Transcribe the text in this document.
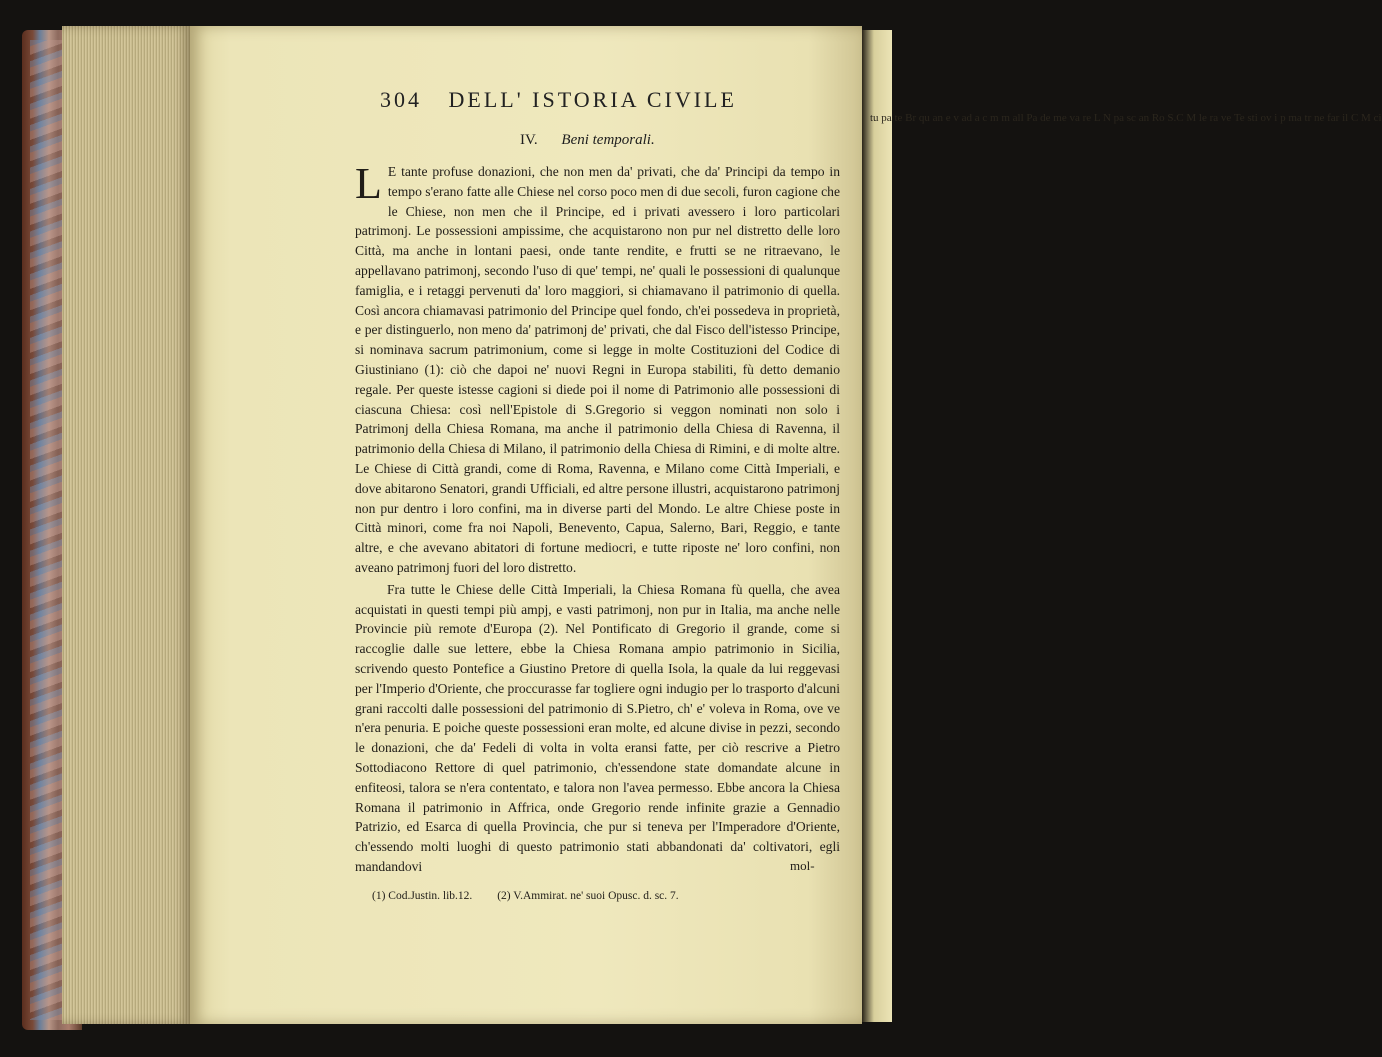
304 DELL' ISTORIA CIVILE
IV. Beni temporali.

L E tante profuse donazioni, che non men da' privati, che da' Principi da tempo in tempo s'erano fatte alle Chiese nel corso poco men di due secoli, furon cagione che le Chiese, non men che il Principe, ed i privati avessero i loro particolari patrimonj. Le possessioni ampissime, che acquistarono non pur nel distretto delle loro Città, ma anche in lontani paesi, onde tante rendite, e frutti se ne ritraevano, le appellavano patrimonj, secondo l'uso di que' tempi, ne' quali le possessioni di qualunque famiglia, e i retaggi pervenuti da' loro maggiori, si chiamavano il patrimonio di quella. Così ancora chiamavasi patrimonio del Principe quel fondo, ch'ei possedeva in proprietà, e per distinguerlo, non meno da' patrimonj de' privati, che dal Fisco dell'istesso Principe, si nominava sacrum patrimonium, come si legge in molte Costituzioni del Codice di Giustiniano (1): ciò che dapoi ne' nuovi Regni in Europa stabiliti, fù detto demanio regale. Per queste istesse cagioni si diede poi il nome di Patrimonio alle possessioni di ciascuna Chiesa: così nell'Epistole di S.Gregorio si veggon nominati non solo i Patrimonj della Chiesa Romana, ma anche il patrimonio della Chiesa di Ravenna, il patrimonio della Chiesa di Milano, il patrimonio della Chiesa di Rimini, e di molte altre. Le Chiese di Città grandi, come di Roma, Ravenna, e Milano come Città Imperiali, e dove abitarono Senatori, grandi Ufficiali, ed altre persone illustri, acquistarono patrimonj non pur dentro i loro confini, ma in diverse parti del Mondo. Le altre Chiese poste in Città minori, come fra noi Napoli, Benevento, Capua, Salerno, Bari, Reggio, e tante altre, e che avevano abitatori di fortune mediocri, e tutte riposte ne' loro confini, non aveano patrimonj fuori del loro distretto.

Fra tutte le Chiese delle Città Imperiali, la Chiesa Romana fù quella, che avea acquistati in questi tempi più ampj, e vasti patrimonj, non pur in Italia, ma anche nelle Provincie più remote d'Europa (2). Nel Pontificato di Gregorio il grande, come si raccoglie dalle sue lettere, ebbe la Chiesa Romana ampio patrimonio in Sicilia, scrivendo questo Pontefice a Giustino Pretore di quella Isola, la quale da lui reggevasi per l'Imperio d'Oriente, che proccurasse far togliere ogni indugio per lo trasporto d'alcuni grani raccolti dalle possessioni del patrimonio di S.Pietro, ch' e' voleva in Roma, ove ve n'era penuria. E poiche queste possessioni eran molte, ed alcune divise in pezzi, secondo le donazioni, che da' Fedeli di volta in volta eransi fatte, per ciò rescrive a Pietro Sottodiacono Rettore di quel patrimonio, ch'essendone state domandate alcune in enfiteosi, talora se n'era contentato, e talora non l'avea permesso. Ebbe ancora la Chiesa Romana il patrimonio in Affrica, onde Gregorio rende infinite grazie a Gennadio Patrizio, ed Esarca di quella Provincia, che pur si teneva per l'Imperadore d'Oriente, ch'essendo molti luoghi di questo patrimonio stati abbandonati da' coltivatori, egli mandandovi	mol-
(1) Cod.Justin. lib.12. (2) V.Ammirat. ne' suoi Opusc. d. sc. 7.
tu pa te Br qu an e v ad a c m m all Pa de me va re L N pa sc an Ro S.C M le ra ve Te sti ov i p ma tr ne far il C M ci
